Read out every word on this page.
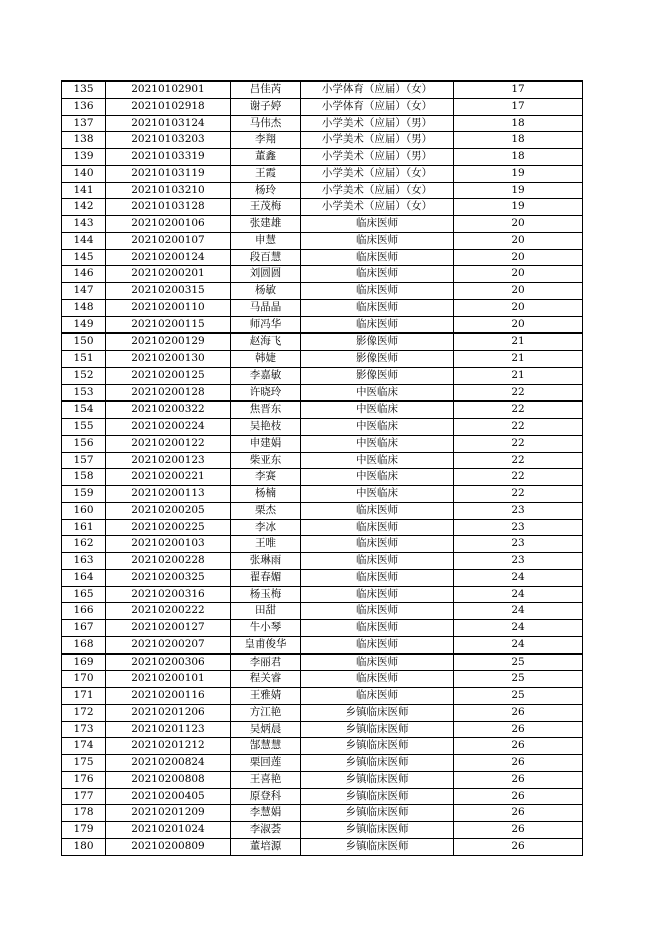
135	20210102901	吕佳芮	小学体育（应届）（女）	17
136	20210102918	谢子婷	小学体育（应届）（女）	17
137	20210103124	马伟杰	小学美术（应届）（男）	18
138	20210103203	李翔	小学美术（应届）（男）	18
139	20210103319	董鑫	小学美术（应届）（男）	18
140	20210103119	王霞	小学美术（应届）（女）	19
141	20210103210	杨玲	小学美术（应届）（女）	19
142	20210103128	王茂梅	小学美术（应届）（女）	19
143	20210200106	张建雄	临床医师	20
144	20210200107	申慧	临床医师	20
145	20210200124	段百慧	临床医师	20
146	20210200201	刘圆圆	临床医师	20
147	20210200315	杨敏	临床医师	20
148	20210200110	马晶晶	临床医师	20
149	20210200115	师冯华	临床医师	20
150	20210200129	赵海飞	影像医师	21
151	20210200130	韩婕	影像医师	21
152	20210200125	李嘉敏	影像医师	21
153	20210200128	许晓玲	中医临床	22
154	20210200322	焦晋东	中医临床	22
155	20210200224	吴艳枝	中医临床	22
156	20210200122	申建娟	中医临床	22
157	20210200123	柴亚东	中医临床	22
158	20210200221	李赛	中医临床	22
159	20210200113	杨楠	中医临床	22
160	20210200205	栗杰	临床医师	23
161	20210200225	李冰	临床医师	23
162	20210200103	王唯	临床医师	23
163	20210200228	张琳雨	临床医师	23
164	20210200325	翟春媚	临床医师	24
165	20210200316	杨玉梅	临床医师	24
166	20210200222	田甜	临床医师	24
167	20210200127	牛小琴	临床医师	24
168	20210200207	皇甫俊华	临床医师	24
169	20210200306	李丽君	临床医师	25
170	20210200101	程关睿	临床医师	25
171	20210200116	王雅婧	临床医师	25
172	20210201206	方江艳	乡镇临床医师	26
173	20210201123	吴炳晨	乡镇临床医师	26
174	20210201212	郜慧慧	乡镇临床医师	26
175	20210200824	栗回莲	乡镇临床医师	26
176	20210200808	王喜艳	乡镇临床医师	26
177	20210200405	原登科	乡镇临床医师	26
178	20210201209	李慧娟	乡镇临床医师	26
179	20210201024	李淑荟	乡镇临床医师	26
180	20210200809	董培源	乡镇临床医师	26
